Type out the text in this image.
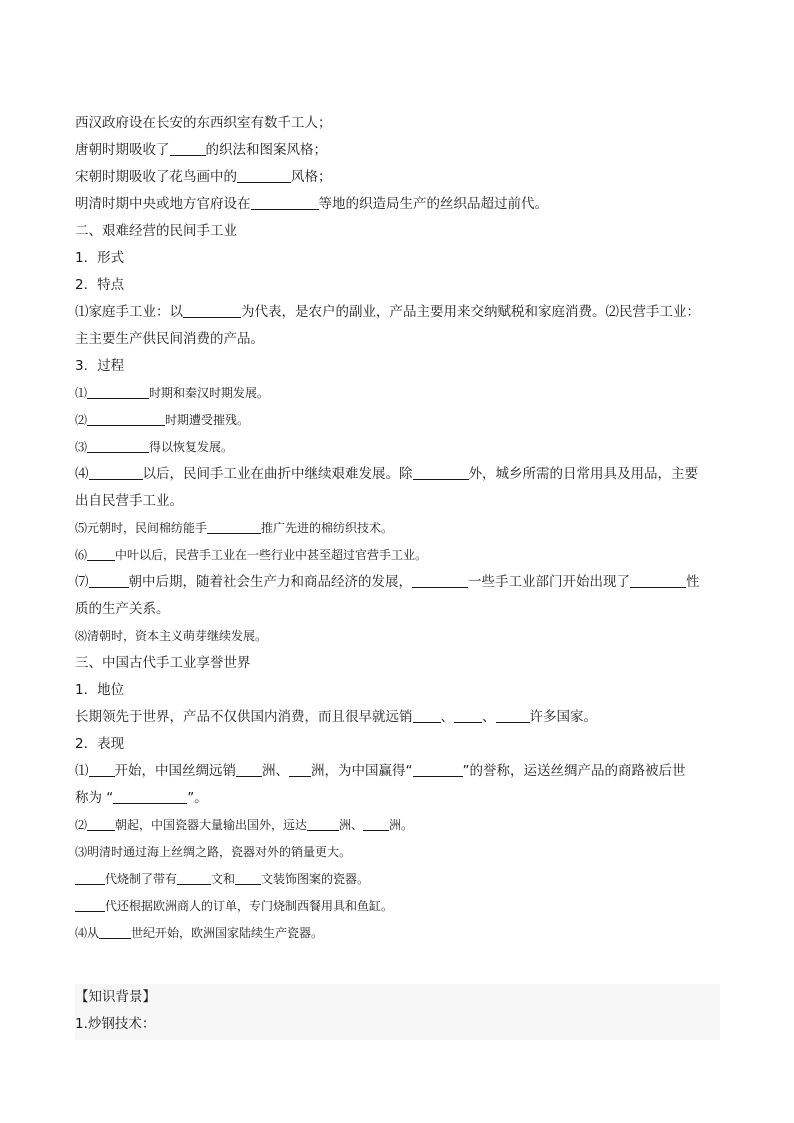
西汉政府设在长安的东西织室有数千工人；
唐朝时期吸收了	的织法和图案风格；
宋朝时期吸收了花鸟画中的	风格；
明清时期中央或地方官府设在	等地的织造局生产的丝织品超过前代。
二、艰难经营的民间手工业
1．形式
2．特点
⑴家庭手工业：以	为代表，是农户的副业，产品主要用来交纳赋税和家庭消费。⑵民营手工业：
主主要生产供民间消费的产品。
3．过程
⑴	时期和秦汉时期发展。
⑵	时期遭受摧残。
⑶	得以恢复发展。
⑷	以后，民间手工业在曲折中继续艰难发展。除	外，城乡所需的日常用具及用品，主要
出自民营手工业。
⑸元朝时，民间棉纺能手	推广先进的棉纺织技术。
⑹ 中叶以后，民营手工业在一些行业中甚至超过官营手工业。
⑺	朝中后期，随着社会生产力和商品经济的发展，	一些手工业部门开始出现了	性
质的生产关系。
⑻清朝时，资本主义萌芽继续发展。
三、中国古代手工业享誉世界
1．地位
长期领先于世界，产品不仅供国内消费，而且很早就远销 、 、	许多国家。
2．表现
⑴ 开始，中国丝绸远销 洲、 洲，为中国赢得“	”的誉称，运送丝绸产品的商路被后世
称为 “	”。
⑵ 朝起，中国瓷器大量输出国外，远达	洲、 洲。
⑶明清时通过海上丝绸之路，瓷器对外的销量更大。
代烧制了带有	文和 文装饰图案的瓷器。
代还根据欧洲商人的订单，专门烧制西餐用具和鱼缸。
⑷从	世纪开始，欧洲国家陆续生产瓷器。
【知识背景】
1.炒钢技术：
